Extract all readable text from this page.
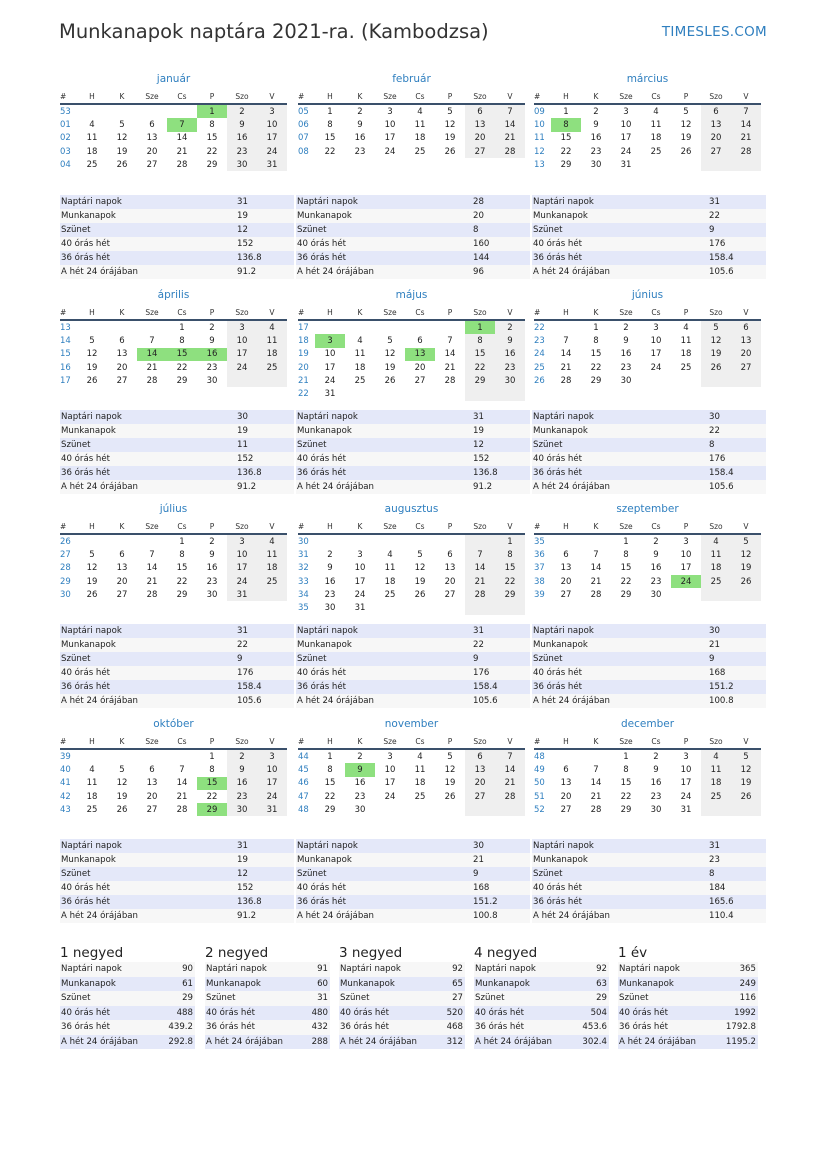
Munkanapok naptára 2021-ra. (Kambodzsa)	TIMESLES.COM
január
#	H	K	Sze	Cs	P	Szo	V
53					1	2	3
01	4	5	6	7	8	9	10
02	11	12	13	14	15	16	17
03	18	19	20	21	22	23	24
04	25	26	27	28	29	30	31
Naptári napok	31
Munkanapok	19
Szünet	12
40 órás hét	152
36 órás hét	136.8
A hét 24 órájában	91.2
február
#	H	K	Sze	Cs	P	Szo	V
05	1	2	3	4	5	6	7
06	8	9	10	11	12	13	14
07	15	16	17	18	19	20	21
08	22	23	24	25	26	27	28
Naptári napok	28
Munkanapok	20
Szünet	8
40 órás hét	160
36 órás hét	144
A hét 24 órájában	96
március
#	H	K	Sze	Cs	P	Szo	V
09	1	2	3	4	5	6	7
10	8	9	10	11	12	13	14
11	15	16	17	18	19	20	21
12	22	23	24	25	26	27	28
13	29	30	31				
Naptári napok	31
Munkanapok	22
Szünet	9
40 órás hét	176
36 órás hét	158.4
A hét 24 órájában	105.6
április
#	H	K	Sze	Cs	P	Szo	V
13				1	2	3	4
14	5	6	7	8	9	10	11
15	12	13	14	15	16	17	18
16	19	20	21	22	23	24	25
17	26	27	28	29	30		
Naptári napok	30
Munkanapok	19
Szünet	11
40 órás hét	152
36 órás hét	136.8
A hét 24 órájában	91.2
május
#	H	K	Sze	Cs	P	Szo	V
17						1	2
18	3	4	5	6	7	8	9
19	10	11	12	13	14	15	16
20	17	18	19	20	21	22	23
21	24	25	26	27	28	29	30
22	31						
Naptári napok	31
Munkanapok	19
Szünet	12
40 órás hét	152
36 órás hét	136.8
A hét 24 órájában	91.2
június
#	H	K	Sze	Cs	P	Szo	V
22		1	2	3	4	5	6
23	7	8	9	10	11	12	13
24	14	15	16	17	18	19	20
25	21	22	23	24	25	26	27
26	28	29	30				
Naptári napok	30
Munkanapok	22
Szünet	8
40 órás hét	176
36 órás hét	158.4
A hét 24 órájában	105.6
július
#	H	K	Sze	Cs	P	Szo	V
26				1	2	3	4
27	5	6	7	8	9	10	11
28	12	13	14	15	16	17	18
29	19	20	21	22	23	24	25
30	26	27	28	29	30	31	
Naptári napok	31
Munkanapok	22
Szünet	9
40 órás hét	176
36 órás hét	158.4
A hét 24 órájában	105.6
augusztus
#	H	K	Sze	Cs	P	Szo	V
30							1
31	2	3	4	5	6	7	8
32	9	10	11	12	13	14	15
33	16	17	18	19	20	21	22
34	23	24	25	26	27	28	29
35	30	31					
Naptári napok	31
Munkanapok	22
Szünet	9
40 órás hét	176
36 órás hét	158.4
A hét 24 órájában	105.6
szeptember
#	H	K	Sze	Cs	P	Szo	V
35			1	2	3	4	5
36	6	7	8	9	10	11	12
37	13	14	15	16	17	18	19
38	20	21	22	23	24	25	26
39	27	28	29	30			
Naptári napok	30
Munkanapok	21
Szünet	9
40 órás hét	168
36 órás hét	151.2
A hét 24 órájában	100.8
október
#	H	K	Sze	Cs	P	Szo	V
39					1	2	3
40	4	5	6	7	8	9	10
41	11	12	13	14	15	16	17
42	18	19	20	21	22	23	24
43	25	26	27	28	29	30	31
Naptári napok	31
Munkanapok	19
Szünet	12
40 órás hét	152
36 órás hét	136.8
A hét 24 órájában	91.2
november
#	H	K	Sze	Cs	P	Szo	V
44	1	2	3	4	5	6	7
45	8	9	10	11	12	13	14
46	15	16	17	18	19	20	21
47	22	23	24	25	26	27	28
48	29	30					
Naptári napok	30
Munkanapok	21
Szünet	9
40 órás hét	168
36 órás hét	151.2
A hét 24 órájában	100.8
december
#	H	K	Sze	Cs	P	Szo	V
48			1	2	3	4	5
49	6	7	8	9	10	11	12
50	13	14	15	16	17	18	19
51	20	21	22	23	24	25	26
52	27	28	29	30	31		
Naptári napok	31
Munkanapok	23
Szünet	8
40 órás hét	184
36 órás hét	165.6
A hét 24 órájában	110.4
1 negyed
Naptári napok	90
Munkanapok	61
Szünet	29
40 órás hét	488
36 órás hét	439.2
A hét 24 órájában	292.8
2 negyed
Naptári napok	91
Munkanapok	60
Szünet	31
40 órás hét	480
36 órás hét	432
A hét 24 órájában	288
3 negyed
Naptári napok	92
Munkanapok	65
Szünet	27
40 órás hét	520
36 órás hét	468
A hét 24 órájában	312
4 negyed
Naptári napok	92
Munkanapok	63
Szünet	29
40 órás hét	504
36 órás hét	453.6
A hét 24 órájában	302.4
1 év
Naptári napok	365
Munkanapok	249
Szünet	116
40 órás hét	1992
36 órás hét	1792.8
A hét 24 órájában	1195.2
